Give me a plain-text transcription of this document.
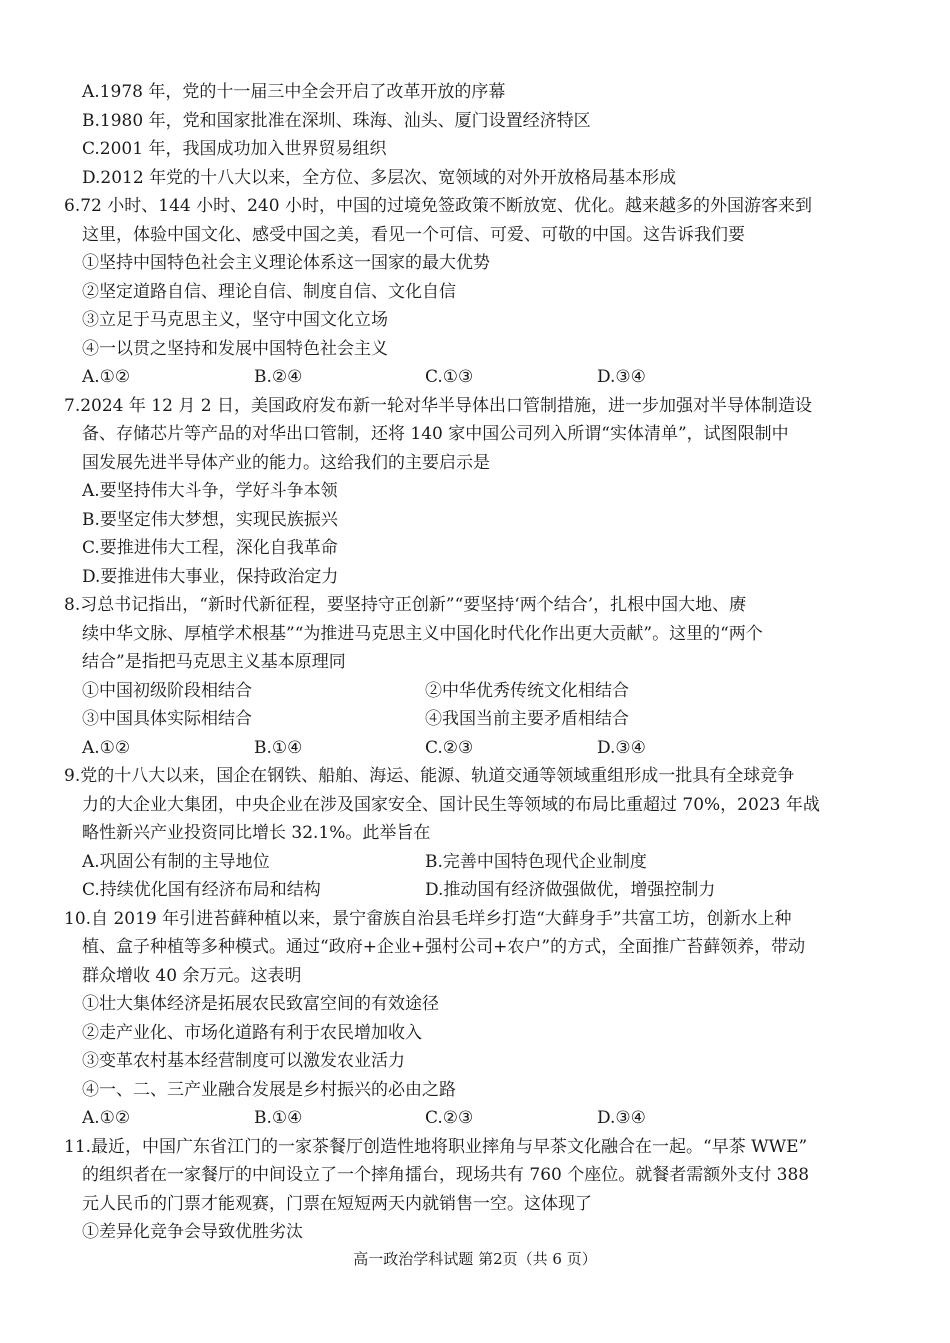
A.1978 年，党的十一届三中全会开启了改革开放的序幕
B.1980 年，党和国家批准在深圳、珠海、汕头、厦门设置经济特区
C.2001 年，我国成功加入世界贸易组织
D.2012 年党的十八大以来，全方位、多层次、宽领域的对外开放格局基本形成
6.72 小时、144 小时、240 小时，中国的过境免签政策不断放宽、优化。越来越多的外国游客来到
这里，体验中国文化、感受中国之美，看见一个可信、可爱、可敬的中国。这告诉我们要
①坚持中国特色社会主义理论体系这一国家的最大优势
②坚定道路自信、理论自信、制度自信、文化自信
③立足于马克思主义，坚守中国文化立场
④一以贯之坚持和发展中国特色社会主义
A.①②	B.②④	C.①③	D.③④
7.2024 年 12 月 2 日，美国政府发布新一轮对华半导体出口管制措施，进一步加强对半导体制造设
备、存储芯片等产品的对华出口管制，还将 140 家中国公司列入所谓“实体清单”，试图限制中
国发展先进半导体产业的能力。这给我们的主要启示是
A.要坚持伟大斗争，学好斗争本领
B.要坚定伟大梦想，实现民族振兴
C.要推进伟大工程，深化自我革命
D.要推进伟大事业，保持政治定力
8.习总书记指出，“新时代新征程，要坚持守正创新”“要坚持‘两个结合’，扎根中国大地、赓
续中华文脉、厚植学术根基”“为推进马克思主义中国化时代化作出更大贡献”。这里的“两个
结合”是指把马克思主义基本原理同
①中国初级阶段相结合	②中华优秀传统文化相结合
③中国具体实际相结合	④我国当前主要矛盾相结合
A.①②	B.①④	C.②③	D.③④
9.党的十八大以来，国企在钢铁、船舶、海运、能源、轨道交通等领域重组形成一批具有全球竞争
力的大企业大集团，中央企业在涉及国家安全、国计民生等领域的布局比重超过 70%，2023 年战
略性新兴产业投资同比增长 32.1%。此举旨在
A.巩固公有制的主导地位	B.完善中国特色现代企业制度
C.持续优化国有经济布局和结构	D.推动国有经济做强做优，增强控制力
10.自 2019 年引进苔藓种植以来，景宁畲族自治县毛垟乡打造“大藓身手”共富工坊，创新水上种
植、盒子种植等多种模式。通过“政府+企业+强村公司+农户”的方式，全面推广苔藓领养，带动
群众增收 40 余万元。这表明
①壮大集体经济是拓展农民致富空间的有效途径
②走产业化、市场化道路有利于农民增加收入
③变革农村基本经营制度可以激发农业活力
④一、二、三产业融合发展是乡村振兴的必由之路
A.①②	B.①④	C.②③	D.③④
11.最近，中国广东省江门的一家茶餐厅创造性地将职业摔角与早茶文化融合在一起。“早茶 WWE”
的组织者在一家餐厅的中间设立了一个摔角擂台，现场共有 760 个座位。就餐者需额外支付 388
元人民币的门票才能观赛，门票在短短两天内就销售一空。这体现了
①差异化竞争会导致优胜劣汰
高一政治学科试题 第2页（共 6 页）
